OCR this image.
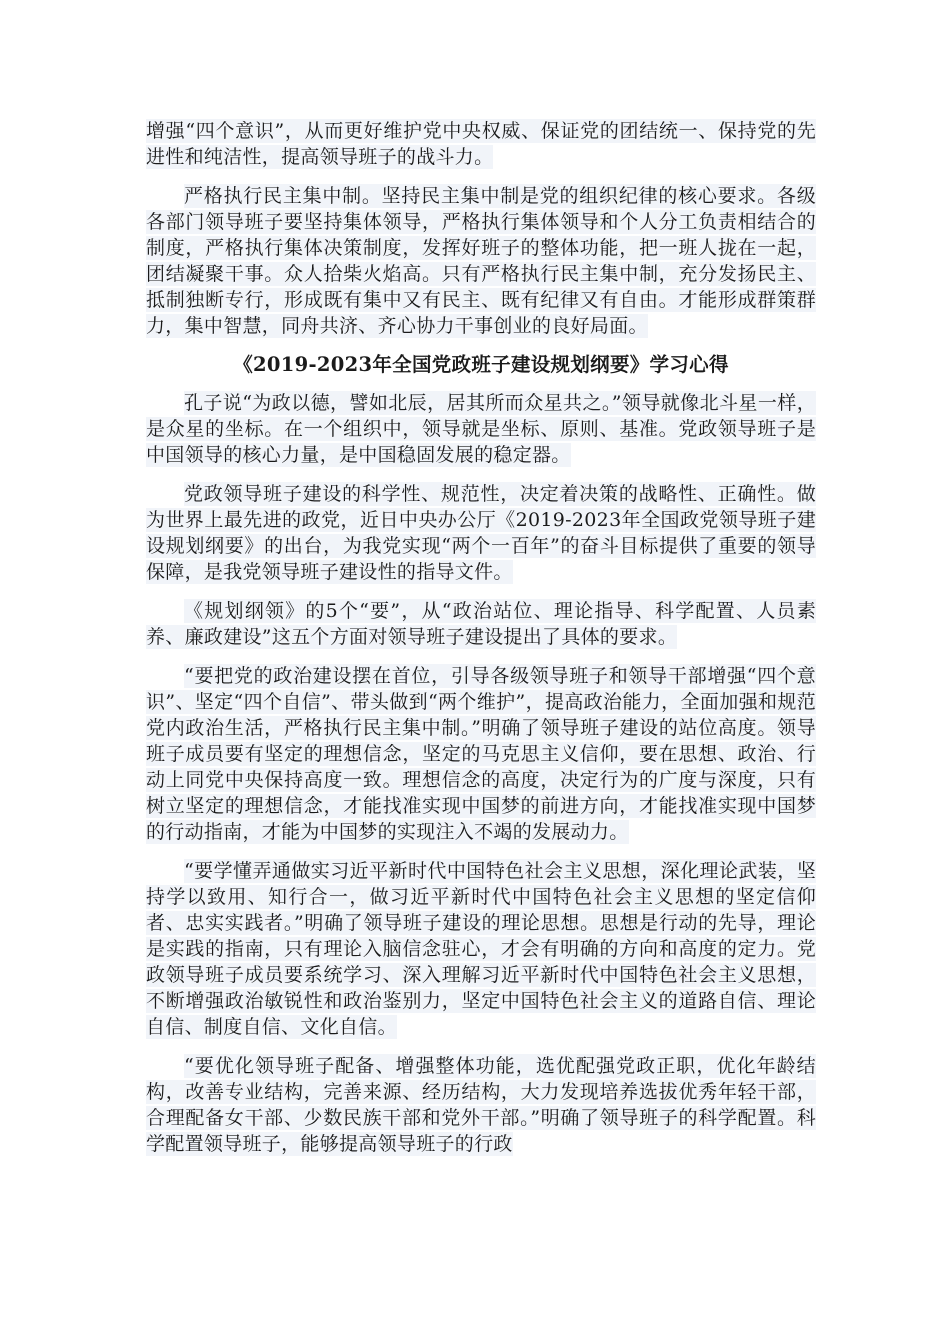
增强“四个意识”，从而更好维护党中央权威、保证党的团结统一、保持党的先进性和纯洁性，提高领导班子的战斗力。

严格执行民主集中制。坚持民主集中制是党的组织纪律的核心要求。各级各部门领导班子要坚持集体领导，严格执行集体领导和个人分工负责相结合的制度，严格执行集体决策制度，发挥好班子的整体功能，把一班人拢在一起，团结凝聚干事。众人拾柴火焰高。只有严格执行民主集中制，充分发扬民主、抵制独断专行，形成既有集中又有民主、既有纪律又有自由。才能形成群策群力，集中智慧，同舟共济、齐心协力干事创业的良好局面。

《2019-2023年全国党政班子建设规划纲要》学习心得

孔子说“为政以德，譬如北辰，居其所而众星共之。”领导就像北斗星一样，是众星的坐标。在一个组织中，领导就是坐标、原则、基准。党政领导班子是中国领导的核心力量，是中国稳固发展的稳定器。

党政领导班子建设的科学性、规范性，决定着决策的战略性、正确性。做为世界上最先进的政党，近日中央办公厅《2019-2023年全国政党领导班子建设规划纲要》的出台，为我党实现“两个一百年”的奋斗目标提供了重要的领导保障，是我党领导班子建设性的指导文件。

《规划纲领》的5个“要”，从“政治站位、理论指导、科学配置、人员素养、廉政建设”这五个方面对领导班子建设提出了具体的要求。

“要把党的政治建设摆在首位，引导各级领导班子和领导干部增强“四个意识”、坚定“四个自信”、带头做到“两个维护”，提高政治能力，全面加强和规范党内政治生活，严格执行民主集中制。”明确了领导班子建设的站位高度。领导班子成员要有坚定的理想信念，坚定的马克思主义信仰，要在思想、政治、行动上同党中央保持高度一致。理想信念的高度，决定行为的广度与深度，只有树立坚定的理想信念，才能找准实现中国梦的前进方向，才能找准实现中国梦的行动指南，才能为中国梦的实现注入不竭的发展动力。

“要学懂弄通做实习近平新时代中国特色社会主义思想，深化理论武装，坚持学以致用、知行合一，做习近平新时代中国特色社会主义思想的坚定信仰者、忠实实践者。”明确了领导班子建设的理论思想。思想是行动的先导，理论是实践的指南，只有理论入脑信念驻心，才会有明确的方向和高度的定力。党政领导班子成员要系统学习、深入理解习近平新时代中国特色社会主义思想，不断增强政治敏锐性和政治鉴别力，坚定中国特色社会主义的道路自信、理论自信、制度自信、文化自信。

“要优化领导班子配备、增强整体功能，选优配强党政正职，优化年龄结构，改善专业结构，完善来源、经历结构，大力发现培养选拔优秀年轻干部，合理配备女干部、少数民族干部和党外干部。”明确了领导班子的科学配置。科学配置领导班子，能够提高领导班子的行政
